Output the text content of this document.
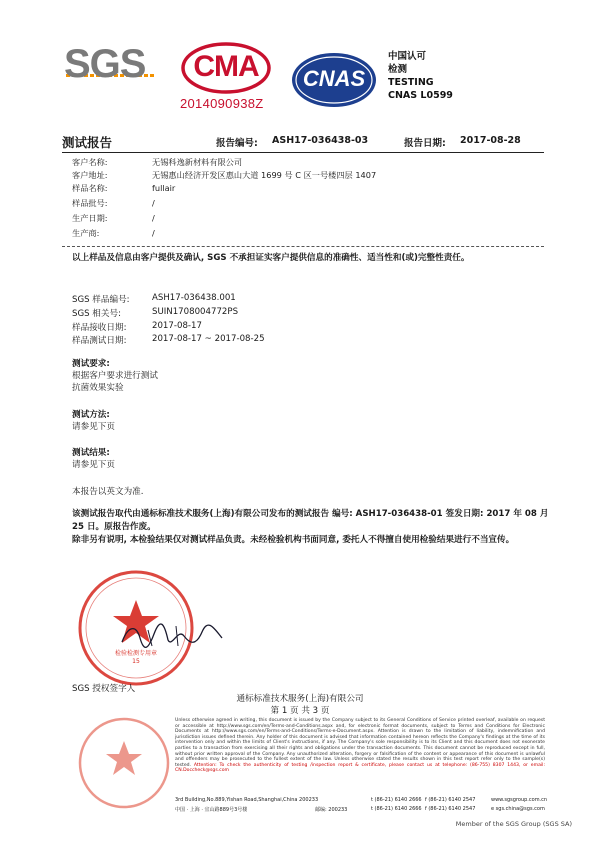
SGS CMA
2014090938Z
CNAS
中国认可
检测
TESTING
CNAS L0599
测试报告	报告编号: ASH17-036438-03	报告日期: 2017-08-28
客户名称:	无锡科逸新材料有限公司
客户地址:	无锡惠山经济开发区惠山大道 1699 号 C 区一号楼四层 1407
样品名称:	fullair
样品批号:	/
生产日期:	/
生产商:	/
以上样品及信息由客户提供及确认, SGS 不承担证实客户提供信息的准确性、适当性和(或)完整性责任。
SGS 样品编号:	ASH17-036438.001
SGS 相关号:	SUIN1708004772PS
样品接收日期:	2017-08-17
样品测试日期:	2017-08-17 ~ 2017-08-25
测试要求:
根据客户要求进行测试
抗菌效果实验
测试方法:
请参见下页
测试结果:
请参见下页
本报告以英文为准.
该测试报告取代由通标标准技术服务(上海)有限公司发布的测试报告 编号: ASH17-036438-01 签发日期: 2017 年 08 月 25 日。原报告作废。
除非另有说明, 本检验结果仅对测试样品负责。未经检验机构书面同意, 委托人不得擅自使用检验结果进行不当宣传。
检验检测专用章
15
SGS 授权签字人
通标标准技术服务(上海)有限公司
第 1 页 共 3 页
Unless otherwise agreed in writing, this document is issued by the Company subject to its General Conditions of Service printed overleaf, available on request or accessible at http://www.sgs.com/en/Terms-and-Conditions.aspx and, for electronic format documents, subject to Terms and Conditions for Electronic Documents at http://www.sgs.com/en/Terms-and-Conditions/Terms-e-Document.aspx. Attention is drawn to the limitation of liability, indemnification and jurisdiction issues defined therein. Any holder of this document is advised that information contained hereon reflects the Company's findings at the time of its intervention only and within the limits of Client's instructions, if any. The Company's sole responsibility is to its Client and this document does not exonerate parties to a transaction from exercising all their rights and obligations under the transaction documents. This document cannot be reproduced except in full, without prior written approval of the Company. Any unauthorized alteration, forgery or falsification of the content or appearance of this document is unlawful and offenders may be prosecuted to the fullest extent of the law. Unless otherwise stated the results shown in this test report refer only to the sample(s) tested. Attention: To check the authenticity of testing /inspection report & certificate, please contact us at telephone: (86-755) 8307 1443, or email: CN.Doccheck@sgs.com
3rd Building,No.889,Yishan Road,Shanghai,China 200233	t (86-21) 6140 2666 f (86-21) 6140 2547	www.sgsgroup.com.cn
中国 · 上海 · 宜山路889号3号楼	邮编: 200233	t (86-21) 6140 2666 f (86-21) 6140 2547	e sgs.china@sgs.com
Member of the SGS Group (SGS SA)
